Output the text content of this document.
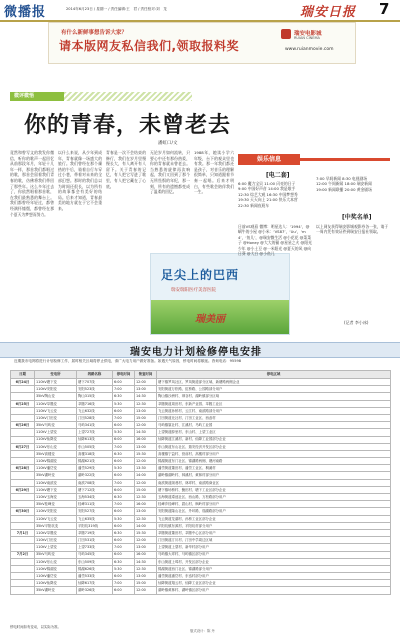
微播报	2014年6月23日 / 星期一 / 责任编辑:王　君 / 责任校对:刘　龙	瑞安日报 7
有什么新鲜事想告诉大家？
请本版网友私信我们,领取报料奖
瑞安电影城
RUIAN CINEMA
www.ruianmovie.com
微评微悟
你的青春，未曾老去
潘虹口/文
竟然和曾写文的我发你微信，听你的歌声一起回忆从前那段年月，年轻十几年一样，那首我们都唱过的歌，那首会留着我们青春的歌，仿佛将我们带回了那些年。这么多年过去了，你依然唱着那首歌，在我们最熟悉的舞台上。我们都曾经年轻过，都曾经满怀憧憬，都曾经在那个夏天为梦想而努力。
以什么来说，从少年到成年，青春就像一场盛大的旅行。我们曾经在那个燥热的午后，骑着自行车穿过小巷，带着对未来的全部幻想。那时的我们总以为时间还很长，以为所有的故事都会有美好的结局。后来才知道，青春最美的地方就在于它不会重来。
青春是一次不会结束的修行，我们在岁月里慢慢长大，有人离开有人留下。关于青春的记忆，有人把它写进了歌里，有人把它藏在了心底。
无论岁月如何流转，只要心中还有那份热爱，你的青春就未曾老去。当熟悉的旋律再次响起，我们又回到了那个无所畏惧的年纪，那一刻，所有的遗憾都变成了温柔的回忆。
1988年，她读小学六年级，台下的观众里也有我。那一年我们都还是孩子，对音乐的理解很简单，只知道跟着节奏一起唱。后来才明白，有些歌会陪伴我们一生。
足尖上的巴西
瑞安瑞阳医疗美容医院
瑞美丽
娱乐信息
[电二套]
6:00 魔力宝贝 11:00 闪亮的日子
9:00 中国好声音 14:00 我是歌手
12:30 综艺大观 16:30 中国梦想秀
19:30 天天向上 21:00 快乐大本营
22:30 新闻夜班车
7:00 早间新闻 8:30 电视剧场
12:00 午间新闻 18:00 瑞安新闻
19:00 新闻联播 20:00 黄金剧场
[中奖名单]
日前VS观看 微博：明星达人：‘1994’，@蜗牛的小屋 @小米：‘VS87’，‘Uu’，‘m4’，‘鱼儿’，@瑞安微生活 @小花花 @菜菜子 @Honey @大大的猫 @星星之火 @阳光少年 @小土豆 @一米阳光 @夏天的风 @向日葵 @大白 @小鱼儿
以上网友获得瑞安影城观影券各一张，请于一周内凭有效证件到瑞安日报社领取。
(记者 李小冰)
瑞安电力计划检修停电安排
近期我市电网将进行计划检修工作，届时相关区域将停止供电，请广大电力用户做好准备。如遇天气原因，停电时间将顺延。咨询电话：95598
日期	变电所	线路名称	停电时间	恢复时间	停电区域
6月24日	110kV塘下变	塘下707线	6:00	12:00	塘下镇罗凤社区、罗凤街道部分区域、新塘路两侧企业
	110kV安阳变	安阳523线	7:00	13:00	安阳街道万松路、虹桥路、公园路部分用户
	35kV陶山变	陶山315线	6:30	14:30	陶山镇沙洲村、荆谷村、湖岭镇部分区域
6月25日	110kV莘塍变	莘塍716线	5:30	12:30	莘塍街道周田村、东新产业园、莘塍工业区
	110kV飞云变	飞云632线	6:00	13:00	飞云街道孙桥村、云江村、南滨路部分用户
	110kV汀田变	汀田528线	7:00	15:00	汀田街道北社村、汀田工业区、西岙村
6月26日	35kV马屿变	马屿341线	6:00	12:00	马屿镇篁社村、江溪村、马屿工业园
	110kV上望变	上望727线	5:30	14:30	上望街道薛里村、东山村、上望工业区
	110kV仙降变	仙降613线	6:00	16:00	仙降街道江溪村、新村、仙降工业园部分企业
6月27日	110kV东山变	东山505线	7:00	13:00	东山街道东山社区、瑞安经济开发区部分企业
	35kV高楼变	高楼318线	6:30	15:30	高楼镇宁益村、营前村、高楼村部分用户
	110kV锦湖变	锦湖621线	6:00	12:00	锦湖街道东门社区、锦湖路两侧、塘河南路
6月28日	110kV潘岱变	潘岱529线	5:30	13:30	潘岱街道董田村、潘岱工业区、桐溪村
	35kV湖岭变	湖岭322线	6:00	14:00	湖岭镇湖岭村、林溪村、黄林村部分用户
	110kV南滨变	南滨708线	7:00	12:00	南滨街道阁巷村、林垟村、南滨路商业区
6月29日	110kV塘下变	塘下712线	6:00	15:00	塘下镇场桥村、鲍田村、塘下工业区部分企业
	110kV玉海变	玉海534线	6:30	12:30	玉海街道虞池社区、西山路、万松路部分用户
	35kV桂峰变	桂峰311线	7:00	16:00	桂峰乡桂峰村、碧山村、枫岭村部分用户
6月30日	110kV安阳变	安阳527线	6:00	13:00	安阳街道隆山社区、外环路、瑞湖路部分用户
	110kV飞云变	飞云635线	5:30	12:30	飞云街道龙湖村、孙桥工业区部分企业
	35kV平阳坑变	平阳坑319线	6:00	14:00	平阳坑镇东源村、平阳坑村部分用户
7月1日	110kV莘塍变	莘塍719线	6:30	15:30	莘塍街道董田村、莘塍中心区部分用户
	110kV汀田变	汀田531线	6:00	12:00	汀田街道汀川村、汀田中学周边区域
	110kV上望变	上望733线	7:00	13:00	上望街道上望村、新华村部分用户
7月2日	35kV马屿变	马屿345线	6:00	16:00	马屿镇大垟村、马屿镇区部分用户
	110kV东山变	东山509线	6:30	14:30	东山街道上埠村、开发区部分企业
	110kV锦湖变	锦湖626线	5:30	12:30	锦湖街道西门社区、锦湖路部分用户
	110kV潘岱变	潘岱533线	6:00	13:00	潘岱街道潘岱村、东岙村部分用户
	110kV仙降变	仙降617线	7:00	15:00	仙降街道翔云村、仙降工业区部分企业
	35kV湖岭变	湖岭326线	6:00	12:00	湖岭镇黄林村、湖岭镇区部分用户
停电时间如有变动，以实际为准。
版式设计：陈 丹
